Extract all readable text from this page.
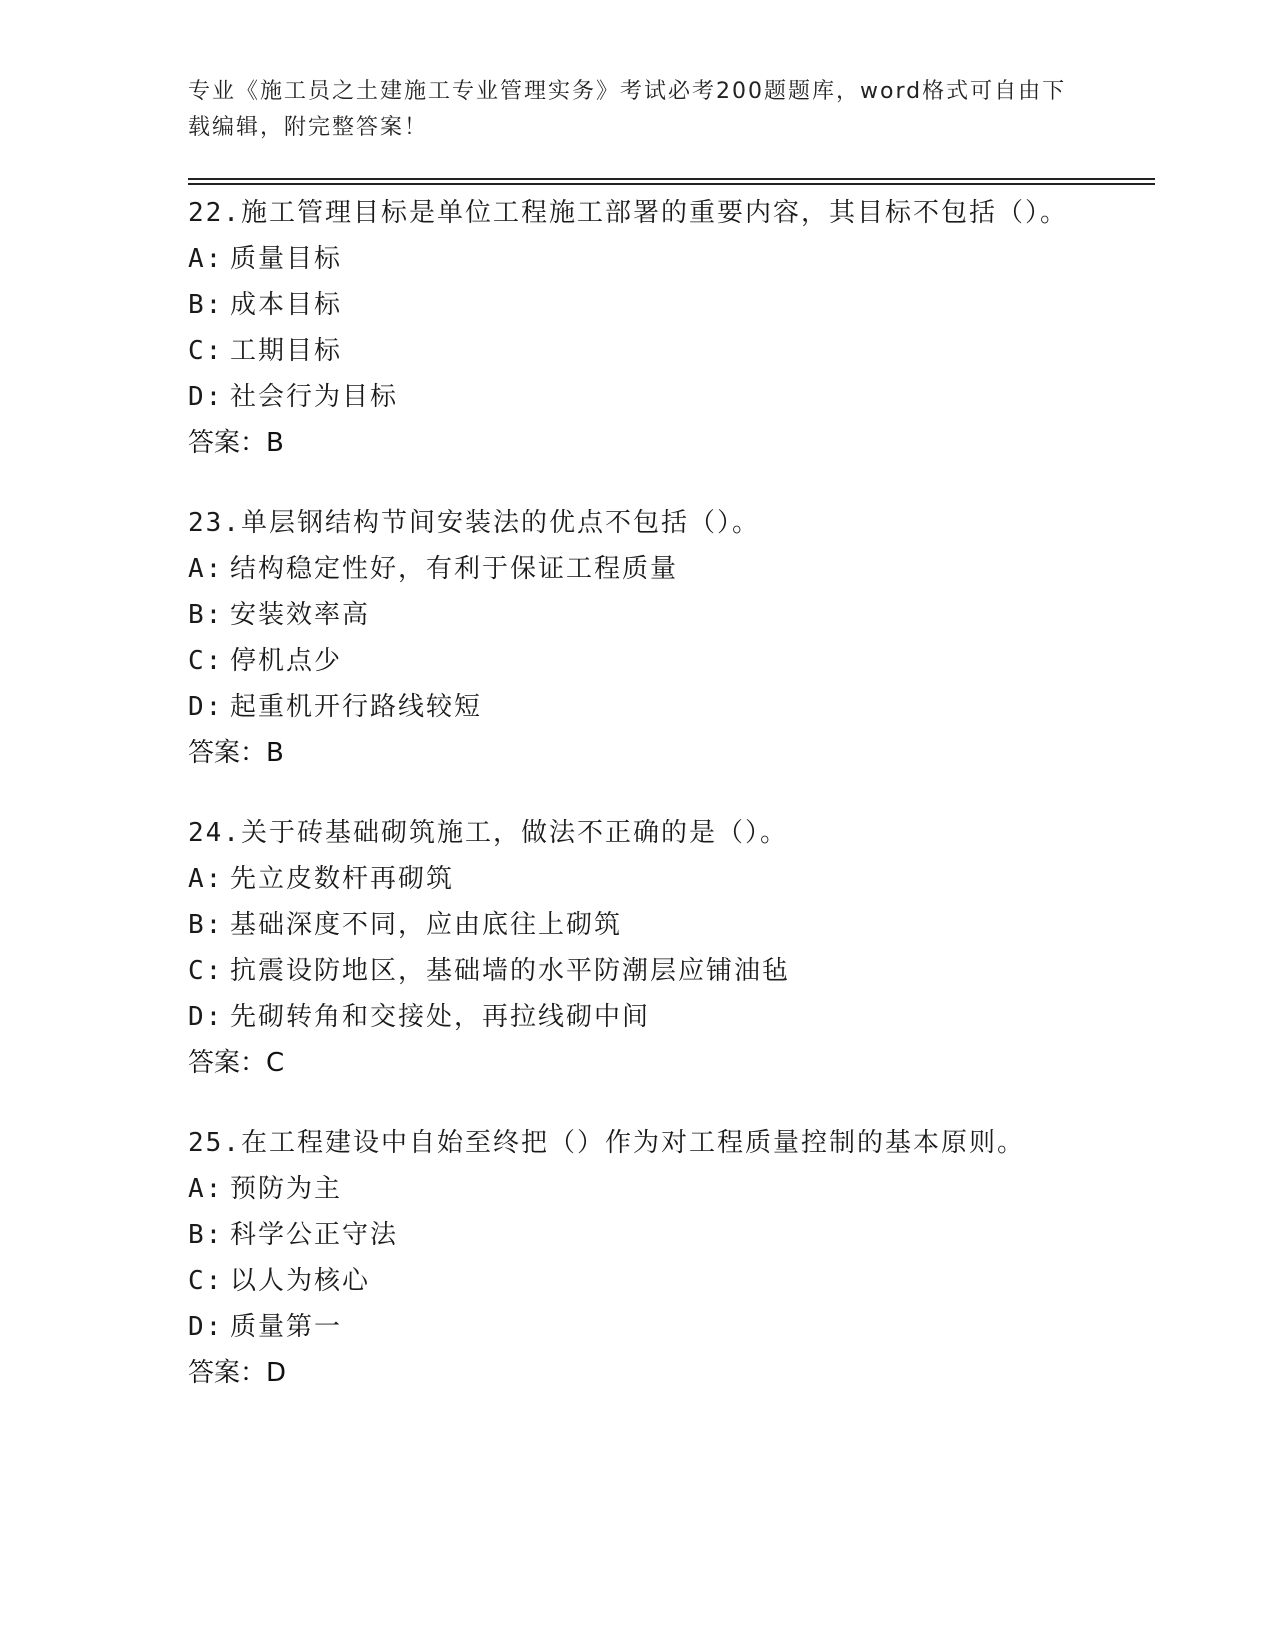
专业《施工员之土建施工专业管理实务》考试必考200题题库，word格式可自由下载编辑，附完整答案！
22.施工管理目标是单位工程施工部署的重要内容，其目标不包括（）。
A: 质量目标
B: 成本目标
C: 工期目标
D: 社会行为目标
答案：B
23.单层钢结构节间安装法的优点不包括（）。
A: 结构稳定性好，有利于保证工程质量
B: 安装效率高
C: 停机点少
D: 起重机开行路线较短
答案：B
24.关于砖基础砌筑施工，做法不正确的是（）。
A: 先立皮数杆再砌筑
B: 基础深度不同，应由底往上砌筑
C: 抗震设防地区，基础墙的水平防潮层应铺油毡
D: 先砌转角和交接处，再拉线砌中间
答案：C
25.在工程建设中自始至终把（）作为对工程质量控制的基本原则。
A: 预防为主
B: 科学公正守法
C: 以人为核心
D: 质量第一
答案：D
